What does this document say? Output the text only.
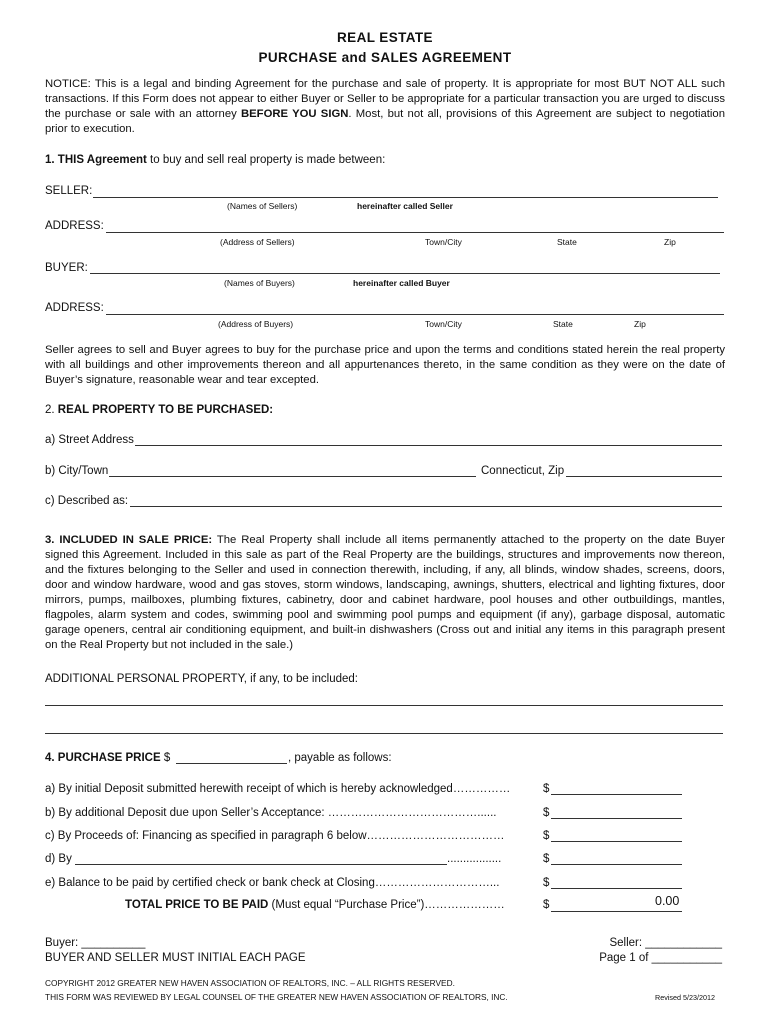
REAL ESTATE
PURCHASE and SALES AGREEMENT
NOTICE: This is a legal and binding Agreement for the purchase and sale of property. It is appropriate for most BUT NOT ALL such transactions. If this Form does not appear to either Buyer or Seller to be appropriate for a particular transaction you are urged to discuss the purchase or sale with an attorney BEFORE YOU SIGN. Most, but not all, provisions of this Agreement are subject to negotiation prior to execution.
1. THIS Agreement to buy and sell real property is made between:
SELLER:
(Names of Sellers)	hereinafter called Seller
ADDRESS:
(Address of Sellers)	Town/City	State	Zip
BUYER:
(Names of Buyers)	hereinafter called Buyer
ADDRESS:
(Address of Buyers)	Town/City	State	Zip
Seller agrees to sell and Buyer agrees to buy for the purchase price and upon the terms and conditions stated herein the real property with all buildings and other improvements thereon and all appurtenances thereto, in the same condition as they were on the date of Buyer’s signature, reasonable wear and tear excepted.
2. REAL PROPERTY TO BE PURCHASED:
a) Street Address
b) City/Town	Connecticut, Zip
c) Described as:
3. INCLUDED IN SALE PRICE: The Real Property shall include all items permanently attached to the property on the date Buyer signed this Agreement. Included in this sale as part of the Real Property are the buildings, structures and improvements now thereon, and the fixtures belonging to the Seller and used in connection therewith, including, if any, all blinds, window shades, screens, doors, door and window hardware, wood and gas stoves, storm windows, landscaping, awnings, shutters, electrical and lighting fixtures, door mirrors, pumps, mailboxes, plumbing fixtures, cabinetry, door and cabinet hardware, pool houses and other outbuildings, mantles, flagpoles, alarm system and codes, swimming pool and swimming pool pumps and equipment (if any), garbage disposal, automatic garage openers, central air conditioning equipment, and built-in dishwashers (Cross out and initial any items in this paragraph present on the Real Property but not included in the sale.)
ADDITIONAL PERSONAL PROPERTY, if any, to be included:
4. PURCHASE PRICE $	, payable as follows:
a) By initial Deposit submitted herewith receipt of which is hereby acknowledged……………	$
b) By additional Deposit due upon Seller’s Acceptance: …………………………………......	$
c) By Proceeds of: Financing as specified in paragraph 6 below………………………………	$
d) By	.................	$
e) Balance to be paid by certified check or bank check at Closing…………………………...	$
TOTAL PRICE TO BE PAID (Must equal “Purchase Price”)…………………	$	0.00
Buyer: __________
BUYER AND SELLER MUST INITIAL EACH PAGE
Seller: ____________
Page 1 of ___________
COPYRIGHT 2012 GREATER NEW HAVEN ASSOCIATION OF REALTORS, INC. – ALL RIGHTS RESERVED.
THIS FORM WAS REVIEWED BY LEGAL COUNSEL OF THE GREATER NEW HAVEN ASSOCIATION OF REALTORS, INC.	Revised 5/23/2012
